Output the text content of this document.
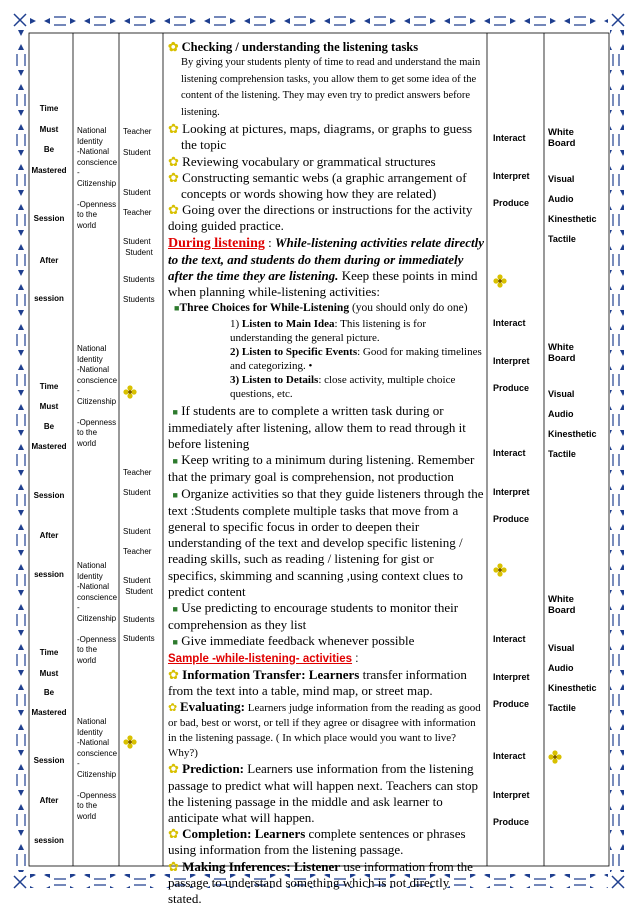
Time
Must
Be
Mastered
Session
After
session
Time
Must
Be
Mastered
Session
After
session
Time
Must
Be
Mastered
Session
After
session
National
Identity
-National
conscience
-
Citizenship

-Openness
to the
world
National
Identity
-National
conscience
-
Citizenship

-Openness
to the
world
National
Identity
-National
conscience
-
Citizenship

-Openness
to the
world
National
Identity
-National
conscience
-
Citizenship

-Openness
to the
world
Teacher
Student
Student
Teacher
Student
Student
Students
Students
Teacher
Student
Student
Teacher
Student
Student
Students
Students
Interact
Interpret
Produce
Interact
Interpret
Produce
Interact
Interpret
Produce
Interact
Interpret
Produce
Interact
Interpret
Produce
White
Board
Visual
Audio
Kinesthetic
Tactile
White
Board
Visual
Audio
Kinesthetic
Tactile
White
Board
Visual
Audio
Kinesthetic
Tactile

✿ Checking / understanding the listening tasks

By giving your students plenty of time to read and understand the main listening comprehension tasks, you allow them to get some idea of the content of the listening. They may even try to predict answers before listening.

✿ Looking at pictures, maps, diagrams, or graphs to guess the topic

✿ Reviewing vocabulary or grammatical structures

✿ Constructing semantic webs (a graphic arrangement of concepts or words showing how they are related)

✿ Going over the directions or instructions for the activity

doing guided practice.

During listening : While-listening activities relate directly to the text, and students do them during or immediately after the time they are listening. Keep these points in mind when planning while-listening activities:

■Three Choices for While-Listening (you should only do one)

1) Listen to Main Idea: This listening is for understanding the general picture.

2) Listen to Specific Events: Good for making timelines and categorizing. •

3) Listen to Details: close activity, multiple choice questions, etc.

■ If students are to complete a written task during or immediately after listening, allow them to read through it before listening

■ Keep writing to a minimum during listening. Remember that the primary goal is comprehension, not production

■ Organize activities so that they guide listeners through the text :Students complete multiple tasks that move from a general to specific focus in order to deepen their understanding of the text and develop specific listening / reading skills, such as reading / listening for gist or specifics, skimming and scanning ,using context clues to predict content

■ Use predicting to encourage students to monitor their comprehension as they list

■ Give immediate feedback whenever possible

Sample -while-listening- activities :

✿ Information Transfer: Learners transfer information from the text into a table, mind map, or street map.

✿ Evaluating: Learners judge information from the reading as good or bad, best or worst, or tell if they agree or disagree with information in the listening passage. ( In which place would you want to live? Why?)

✿ Prediction: Learners use information from the listening passage to predict what will happen next. Teachers can stop the listening passage in the middle and ask learner to anticipate what will happen.

✿ Completion: Learners complete sentences or phrases using information from the listening passage.

✿ Making Inferences: Listener use information from the passage to understand something which is not directly stated.
